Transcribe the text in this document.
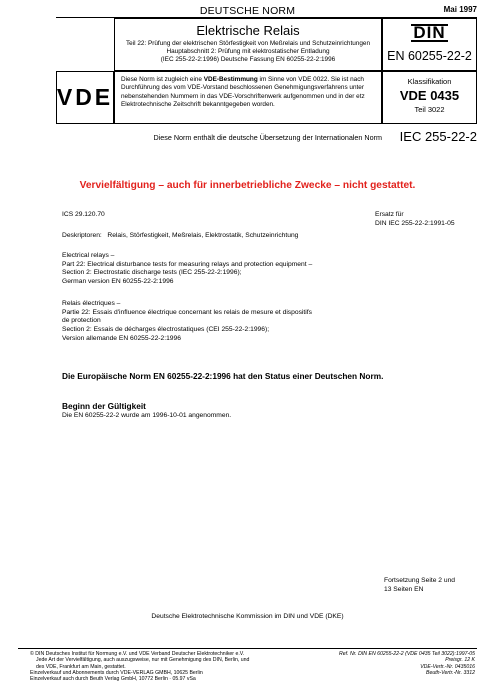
DEUTSCHE NORM	Mai 1997
Elektrische Relais
Teil 22: Prüfung der elektrischen Störfestigkeit von Meßrelais und Schutzeinrichtungen
Hauptabschnitt 2: Prüfung mit elektrostatischer Entladung
(IEC 255-22-2:1996) Deutsche Fassung EN 60255-22-2:1996
DIN
EN 60255-22-2
VDE
Diese Norm ist zugleich eine VDE-Bestimmung im Sinne von VDE 0022. Sie ist nach Durchführung des vom VDE-Vorstand beschlossenen Genehmigungsverfahrens unter nebenstehenden Nummern in das VDE-Vorschriftenwerk aufgenommen und in der etz Elektrotechnische Zeitschrift bekanntgegeben worden.
Klassifikation
VDE 0435
Teil 3022
Diese Norm enthält die deutsche Übersetzung der Internationalen Norm IEC 255-22-2
Vervielfältigung – auch für innerbetriebliche Zwecke – nicht gestattet.
ICS 29.120.70	Ersatz für
DIN IEC 255-22-2:1991-05
Deskriptoren: Relais, Störfestigkeit, Meßrelais, Elektrostatik, Schutzeinrichtung
Electrical relays –
Part 22: Electrical disturbance tests for measuring relays and protection equipment –
Section 2: Electrostatic discharge tests (IEC 255-22-2:1996);
German version EN 60255-22-2:1996
Relais électriques –
Partie 22: Essais d'influence électrique concernant les relais de mesure et dispositifs
de protection
Section 2: Essais de décharges électrostatiques (CEI 255-22-2:1996);
Version allemande EN 60255-22-2:1996
Die Europäische Norm EN 60255-22-2:1996 hat den Status einer Deutschen Norm.
Beginn der Gültigkeit
Die EN 60255-22-2 wurde am 1996-10-01 angenommen.
Fortsetzung Seite 2 und
13 Seiten EN
Deutsche Elektrotechnische Kommission im DIN und VDE (DKE)
© DIN Deutsches Institut für Normung e.V. und VDE Verband Deutscher Elektrotechniker e.V.
Jede Art der Vervielfältigung, auch auszugsweise, nur mit Genehmigung des DIN, Berlin, und
des VDE, Frankfurt am Main, gestattet.
Einzelverkauf und Abonnements durch VDE-VERLAG GMBH, 10625 Berlin
Einzelverkauf auch durch Beuth Verlag GmbH, 10772 Berlin · 05.97 vSa
Ref. Nr. DIN EN 60255-22-2 (VDE 0435 Teil 3022):1997-05
Preisgr. 12 K
VDE-Vertr.-Nr. 0435016
Beuth-Vertr.-Nr. 3312
